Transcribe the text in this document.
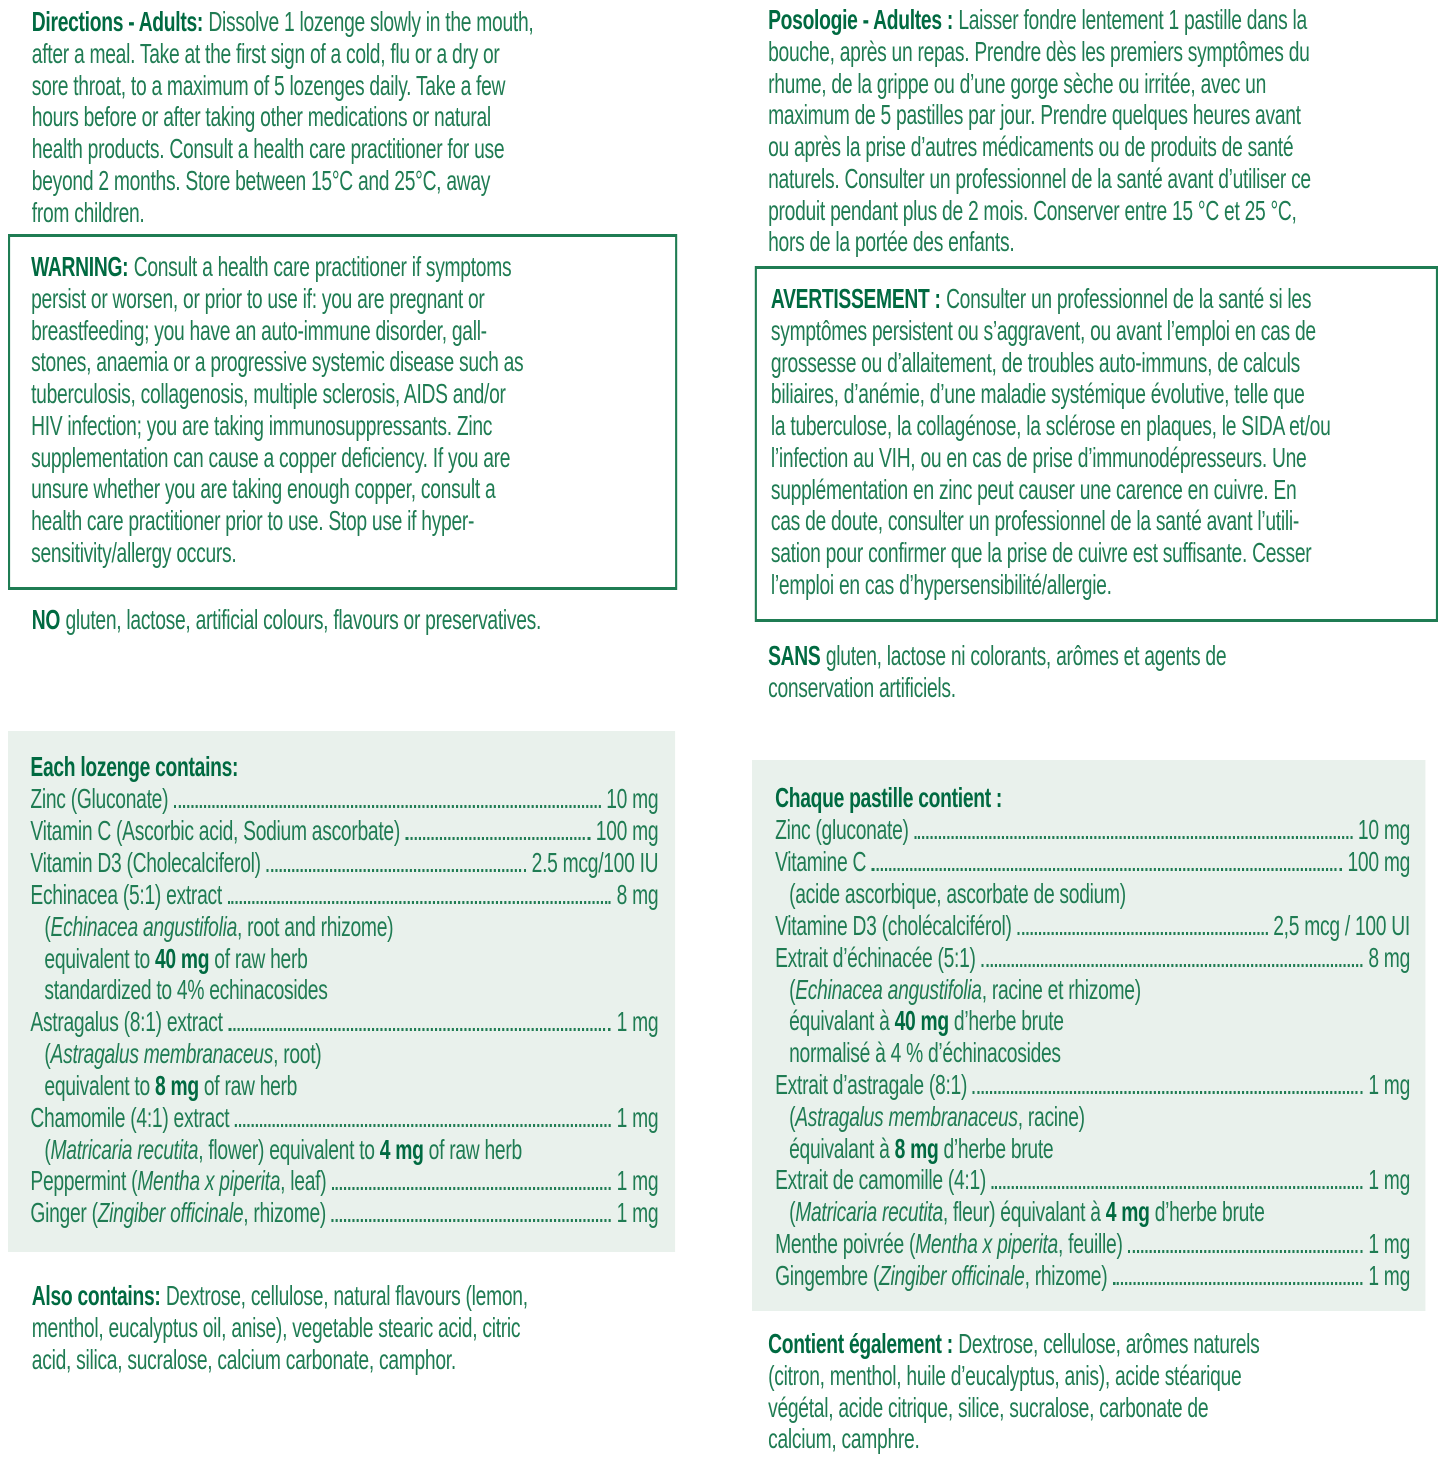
Directions - Adults: Dissolve 1 lozenge slowly in the mouth,
after a meal. Take at the first sign of a cold, flu or a dry or
sore throat, to a maximum of 5 lozenges daily. Take a few
hours before or after taking other medications or natural
health products. Consult a health care practitioner for use
beyond 2 months. Store between 15°C and 25°C, away
from children.
WARNING: Consult a health care practitioner if symptoms
persist or worsen, or prior to use if: you are pregnant or
breastfeeding; you have an auto-immune disorder, gall-
stones, anaemia or a progressive systemic disease such as
tuberculosis, collagenosis, multiple sclerosis, AIDS and/or
HIV infection; you are taking immunosuppressants. Zinc
supplementation can cause a copper deficiency. If you are
unsure whether you are taking enough copper, consult a
health care practitioner prior to use. Stop use if hyper-
sensitivity/allergy occurs.
NO gluten, lactose, artificial colours, flavours or preservatives.
Each lozenge contains:
Zinc (Gluconate)	10 mg
Vitamin C (Ascorbic acid, Sodium ascorbate)	100 mg
Vitamin D3 (Cholecalciferol)	2.5 mcg/100 IU
Echinacea (5:1) extract	8 mg
(Echinacea angustifolia, root and rhizome)
equivalent to 40 mg of raw herb
standardized to 4% echinacosides
Astragalus (8:1) extract	1 mg
(Astragalus membranaceus, root)
equivalent to 8 mg of raw herb
Chamomile (4:1) extract	1 mg
(Matricaria recutita, flower) equivalent to 4 mg of raw herb
Peppermint (Mentha x piperita, leaf)	1 mg
Ginger (Zingiber officinale, rhizome)	1 mg
Also contains: Dextrose, cellulose, natural flavours (lemon,
menthol, eucalyptus oil, anise), vegetable stearic acid, citric
acid, silica, sucralose, calcium carbonate, camphor.
Posologie - Adultes : Laisser fondre lentement 1 pastille dans la
bouche, après un repas. Prendre dès les premiers symptômes du
rhume, de la grippe ou d’une gorge sèche ou irritée, avec un
maximum de 5 pastilles par jour. Prendre quelques heures avant
ou après la prise d’autres médicaments ou de produits de santé
naturels. Consulter un professionnel de la santé avant d’utiliser ce
produit pendant plus de 2 mois. Conserver entre 15 °C et 25 °C,
hors de la portée des enfants.
AVERTISSEMENT : Consulter un professionnel de la santé si les
symptômes persistent ou s’aggravent, ou avant l’emploi en cas de
grossesse ou d’allaitement, de troubles auto-immuns, de calculs
biliaires, d’anémie, d’une maladie systémique évolutive, telle que
la tuberculose, la collagénose, la sclérose en plaques, le SIDA et/ou
l’infection au VIH, ou en cas de prise d’immunodépresseurs. Une
supplémentation en zinc peut causer une carence en cuivre. En
cas de doute, consulter un professionnel de la santé avant l’utili-
sation pour confirmer que la prise de cuivre est suffisante. Cesser
l’emploi en cas d’hypersensibilité/allergie.
SANS gluten, lactose ni colorants, arômes et agents de
conservation artificiels.
Chaque pastille contient :
Zinc (gluconate)	10 mg
Vitamine C	100 mg
(acide ascorbique, ascorbate de sodium)
Vitamine D3 (cholécalciférol)	2,5 mcg / 100 UI
Extrait d’échinacée (5:1)	8 mg
(Echinacea angustifolia, racine et rhizome)
équivalant à 40 mg d’herbe brute
normalisé à 4 % d’échinacosides
Extrait d’astragale (8:1)	1 mg
(Astragalus membranaceus, racine)
équivalant à 8 mg d’herbe brute
Extrait de camomille (4:1)	1 mg
(Matricaria recutita, fleur) équivalant à 4 mg d’herbe brute
Menthe poivrée (Mentha x piperita, feuille)	1 mg
Gingembre (Zingiber officinale, rhizome)	1 mg
Contient également : Dextrose, cellulose, arômes naturels
(citron, menthol, huile d’eucalyptus, anis), acide stéarique
végétal, acide citrique, silice, sucralose, carbonate de
calcium, camphre.
